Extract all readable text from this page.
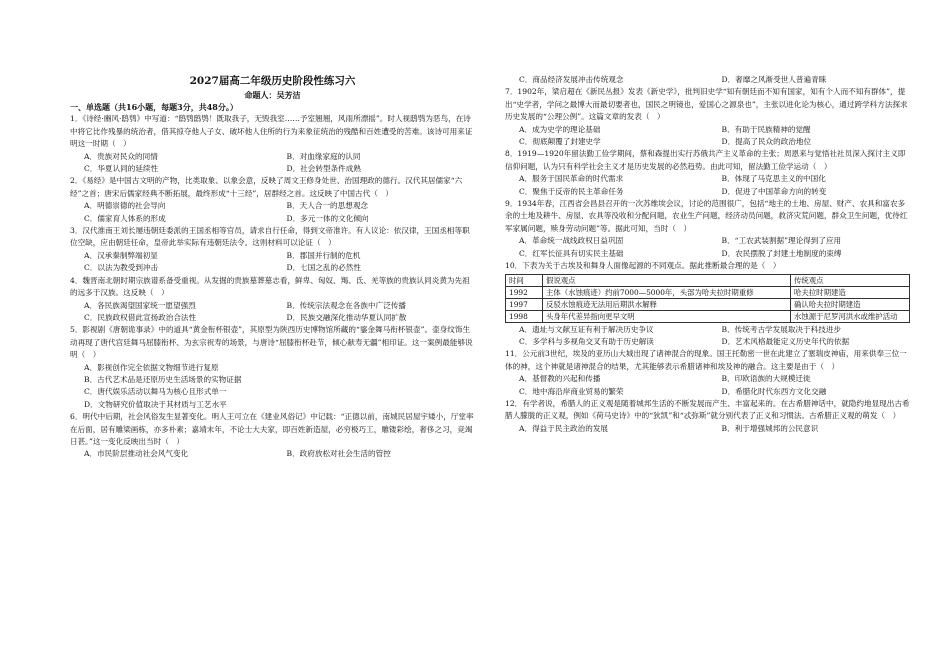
2027届高二年级历史阶段性练习六
命题人：吴芳洁
一、单选题（共16小题，每题3分，共48分。）
1．《诗经·豳风·鸱鸮》中写道：“鸱鸮鸱鸮！既取我子，无毁我室……予室翘翘，风雨所漂摇”。时人视鸱鸮为恶鸟，在诗中将它比作残暴的统治者，借其掠夺他人子女、破坏他人住所的行为来象征统治的残酷和百姓遭受的苦难。该诗可用来证明这一时期（　）
A．贵族对民众的同情	B．对血缘家庭的认同
C．华夏认同的延续性	D．社会转型条件成熟
2．《易经》是中国古文明的产物，比类取象、以象会意，反映了周文王修身处世、治国理政的德行。汉代其居儒家“六经”之首；唐宋后儒家经典不断拓展，最终形成“十三经”，居群经之首。这反映了中国古代（　）
A．明德崇德的社会导向	B．天人合一的思想观念
C．儒家育人体系的形成	D．多元一体的文化倾向
3．汉代淮南王刘长屡违朝廷委派的王国丞相等官员，请求自行任命，得到文帝准许。有人议论：依汉律，王国丞相等职位空缺，应由朝廷任命，皇帝此举实际有违朝廷法令。这则材料可以论证（　）
A．汉承秦制弊端初显	B．郡国并行制的危机
C．以法为教受到冲击	D．七国之乱的必然性
4．魏晋南北朝时期宗族谱系备受重视。从发掘的贵族墓葬墓志看，鲜卑、匈奴、羯、氐、羌等族的贵族认同炎黄为先祖的远多于汉族。这反映（　）
A．各民族渴望国家统一愿望强烈	B．传统宗法观念在各族中广泛传播
C．民族政权借此宣扬政治合法性	D．民族交融深化推动华夏认同扩散
5．影视剧《唐朝诡事录》中的道具“黄金衔杯银壶”，其原型为陕西历史博物馆所藏的“鎏金舞马衔杯银壶”。壶身纹饰生动再现了唐代宫廷舞马屈膝衔杯、为玄宗祝寿的场景，与唐诗“屈膝衔杯赴节，倾心献寿无疆”相印证。这一案例最能够说明（　）
A．影视创作完全依据文物细节进行复原
B．古代艺术品是还原历史生活场景的实物证据
C．唐代娱乐活动以舞马为核心且形式单一
D．文物研究价值取决于其材质与工艺水平
6．明代中后期，社会风俗发生显著变化。明人王可立在《建业风俗记》中记载：“正德以前，南城民居屋宇矮小，厅堂率在后面，居有雕梁画栋，亦多朴素；嘉靖末年，不论士大夫家，即百姓新造屋，必穷极巧工，雕镂彩绘，奢侈之习，竞竭日甚。”这一变化反映出当时（　）
A．市民阶层推动社会风气变化	B．政府放松对社会生活的管控
C．商品经济发展冲击传统观念	D．奢靡之风渐受世人普遍青睐
7．1902年，梁启超在《新民丛报》发表《新史学》，批判旧史学“知有朝廷而不知有国家，知有个人而不知有群体”，提出“史学者，学问之最博大而最切要者也，国民之明镜也，爱国心之源泉也”，主张以进化论为核心，通过跨学科方法探求历史发展的“公理公例”。这篇文章的发表（　）
A．成为史学的理论基础	B．有助于民族精神的觉醒
C．彻底颠覆了封建史学	D．提高了民众的政治地位
8．1919—1920年留法勤工俭学期间，蔡和森提出实行苏俄共产主义革命的主张；周恩来与觉悟社社员深入探讨主义即信仰问题，认为只有科学社会主义才是历史发展的必然趋势。由此可知，留法勤工俭学运动（　）
A．服务于国民革命的时代需求	B．体现了马克思主义的中国化
C．聚焦于反帝的民主革命任务	D．促进了中国革命方向的转变
9．1934年春，江西省会昌县召开的一次苏维埃会议，讨论的范围很广，包括“地主的土地、房屋、财产、农具和富农多余的土地及耕牛、房屋、农具等没收和分配问题，农业生产问题，经济动员问题，救济灾荒问题，群众卫生问题，优待红军家属问题，赎身劳动问题”等。据此可知，当时（　）
A．革命统一战线政权日益巩固	B．“工农武装割据”理论得到了应用
C．红军长征具有切实民主基础	D．农民摆脱了封建土地制度的束缚
10．下表为关于古埃及和舞身人面像起源的不同观点。据此推断最合理的是（　）
时间	假说观点	传统观点
1992	主体（水蚀痕迹）约前7000—5000年，头部为哈夫拉时期重修	哈夫拉时期建造
1997	反驳水蚀痕迹无法用后期洪水解释	确认哈夫拉时期建造
1998	头身年代差异指向更早文明	水蚀源于尼罗河洪水或维护活动
A．遗址与文献互证有利于解决历史争议	B．传统考古学发展取决于科技进步
C．多学科与多视角交叉有助于历史解读	D．艺术风格最能定义历史年代的依据
11．公元前3世纪，埃及的亚历山大城出现了诸神混合的现象。国王托勒密一世在此建立了塞瑞皮神庙，用来供奉三位一体的神，这个神就是诸神混合的结果，尤其能够表示希腊诸神和埃及神的融合。这主要是由于（　）
A．基督教的兴起和传播	B．印欧语族的大规模迁徙
C．地中海沿岸商业贸易的繁荣	D．希腊化时代东西方文化交融
12．有学者说，希腊人的正义观是随着城邦生活的不断发展而产生、丰富起来的。在古希腊神话中，就隐约地显现出古希腊人朦胧的正义观，例如《荷马史诗》中的“狄凯”和“忒弥斯”就分别代表了正义和习惯法。古希腊正义观的萌发（　）
A．得益于民主政治的发展	B．利于增强城邦的公民意识
